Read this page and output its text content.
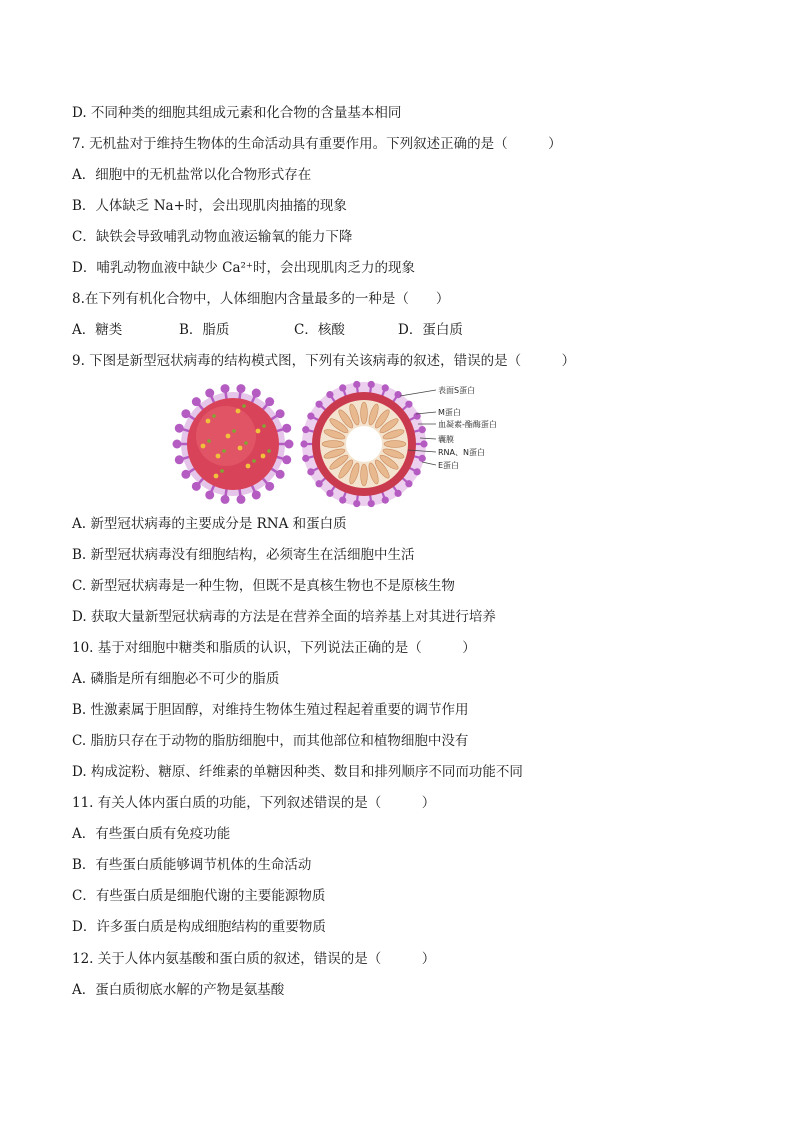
D. 不同种类的细胞其组成元素和化合物的含量基本相同
7. 无机盐对于维持生物体的生命活动具有重要作用。下列叙述正确的是（　　　）
A．细胞中的无机盐常以化合物形式存在
B．人体缺乏 Na+时，会出现肌肉抽搐的现象
C．缺铁会导致哺乳动物血液运输氧的能力下降
D．哺乳动物血液中缺少 Ca²⁺时，会出现肌肉乏力的现象
8.在下列有机化合物中，人体细胞内含量最多的一种是（　　）
A．糖类	B．脂质	C．核酸	D．蛋白质
9. 下图是新型冠状病毒的结构模式图，下列有关该病毒的叙述，错误的是（　　　）
表面S蛋白
M蛋白
血凝素-酯酶蛋白
囊膜
RNA、N蛋白
E蛋白
A. 新型冠状病毒的主要成分是 RNA 和蛋白质
B. 新型冠状病毒没有细胞结构，必须寄生在活细胞中生活
C. 新型冠状病毒是一种生物，但既不是真核生物也不是原核生物
D. 获取大量新型冠状病毒的方法是在营养全面的培养基上对其进行培养
10. 基于对细胞中糖类和脂质的认识，下列说法正确的是（　　　）
A. 磷脂是所有细胞必不可少的脂质
B. 性激素属于胆固醇，对维持生物体生殖过程起着重要的调节作用
C. 脂肪只存在于动物的脂肪细胞中，而其他部位和植物细胞中没有
D. 构成淀粉、糖原、纤维素的单糖因种类、数目和排列顺序不同而功能不同
11. 有关人体内蛋白质的功能，下列叙述错误的是（　　　）
A．有些蛋白质有免疫功能
B．有些蛋白质能够调节机体的生命活动
C．有些蛋白质是细胞代谢的主要能源物质
D．许多蛋白质是构成细胞结构的重要物质
12. 关于人体内氨基酸和蛋白质的叙述，错误的是（　　　）
A．蛋白质彻底水解的产物是氨基酸
